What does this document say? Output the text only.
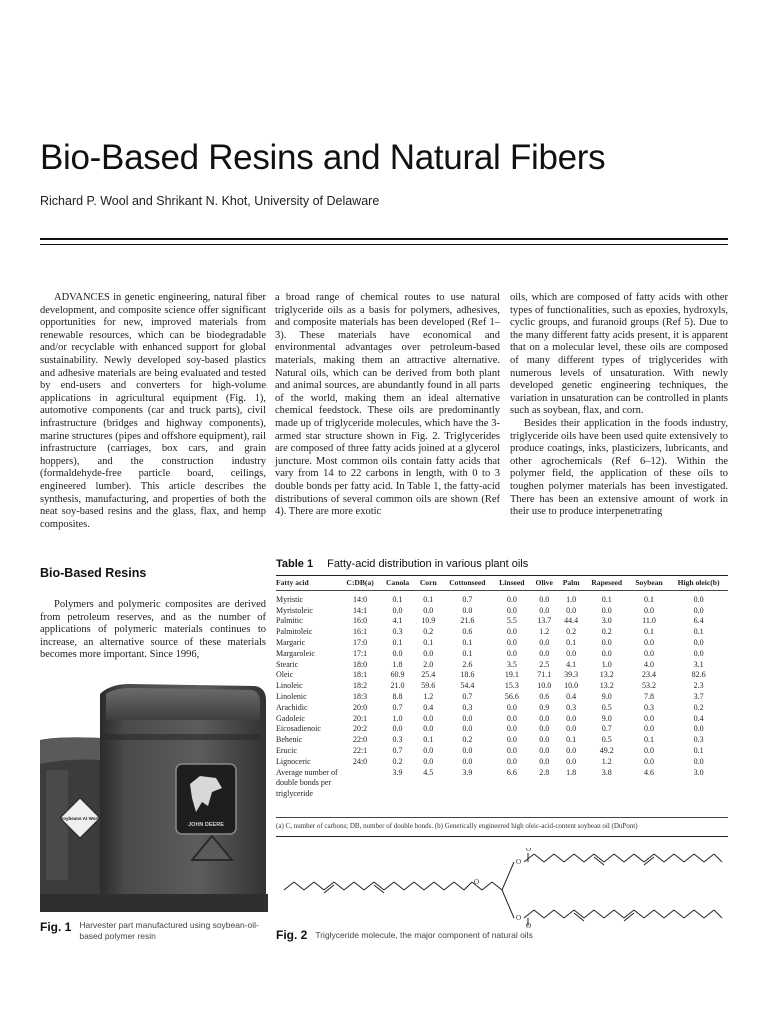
Bio-Based Resins and Natural Fibers
Richard P. Wool and Shrikant N. Khot, University of Delaware

ADVANCES in genetic engineering, natural fiber development, and composite science offer significant opportunities for new, improved materials from renewable resources, which can be biodegradable and/or recyclable with enhanced support for global sustainability. Newly developed soy-based plastics and adhesive materials are being evaluated and tested by end-users and converters for high-volume applications in agricultural equipment (Fig. 1), automotive components (car and truck parts), civil infrastructure (bridges and highway components), marine structures (pipes and offshore equipment), rail infrastructure (carriages, box cars, and grain hoppers), and the construction industry (formaldehyde-free particle board, ceilings, engineered lumber). This article describes the synthesis, manufacturing, and properties of both the neat soy-based resins and the glass, flax, and hemp composites.

Bio-Based Resins

Polymers and polymeric composites are derived from petroleum reserves, and as the number of applications of polymeric materials continues to increase, an alternative source of these materials becomes more important. Since 1996,

a broad range of chemical routes to use natural triglyceride oils as a basis for polymers, adhesives, and composite materials has been developed (Ref 1–3). These materials have economical and environmental advantages over petroleum-based materials, making them an attractive alternative. Natural oils, which can be derived from both plant and animal sources, are abundantly found in all parts of the world, making them an ideal alternative chemical feedstock. These oils are predominantly made up of triglyceride molecules, which have the 3-armed star structure shown in Fig. 2. Triglycerides are composed of three fatty acids joined at a glycerol juncture. Most common oils contain fatty acids that vary from 14 to 22 carbons in length, with 0 to 3 double bonds per fatty acid. In Table 1, the fatty-acid distributions of several common oils are shown (Ref 4). There are more exotic

oils, which are composed of fatty acids with other types of functionalities, such as epoxies, hydroxyls, cyclic groups, and furanoid groups (Ref 5). Due to the many different fatty acids present, it is apparent that on a molecular level, these oils are composed of many different types of triglycerides with numerous levels of unsaturation. With newly developed genetic engineering techniques, the variation in unsaturation can be controlled in plants such as soybean, flax, and corn.

Besides their application in the foods industry, triglyceride oils have been used quite extensively to produce coatings, inks, plasticizers, lubricants, and other agrochemicals (Ref 6–12). Within the polymer field, the application of these oils to toughen polymer materials has been investigated. There has been an extensive amount of work in their use to produce interpenetrating

Table 1 Fatty-acid distribution in various plant oils
Fatty acid	C:DB(a)	Canola	Corn	Cottonseed	Linseed	Olive	Palm	Rapeseed	Soybean	High oleic(b)
Myristic	14:0	0.1	0.1	0.7	0.0	0.0	1.0	0.1	0.1	0.0
Myristoleic	14:1	0.0	0.0	0.0	0.0	0.0	0.0	0.0	0.0	0.0
Palmitic	16:0	4.1	10.9	21.6	5.5	13.7	44.4	3.0	11.0	6.4
Palmitoleic	16:1	0.3	0.2	0.6	0.0	1.2	0.2	0.2	0.1	0.1
Margaric	17:0	0.1	0.1	0.1	0.0	0.0	0.1	0.0	0.0	0.0
Margaroleic	17:1	0.0	0.0	0.1	0.0	0.0	0.0	0.0	0.0	0.0
Stearic	18:0	1.8	2.0	2.6	3.5	2.5	4.1	1.0	4.0	3.1
Oleic	18:1	60.9	25.4	18.6	19.1	71.1	39.3	13.2	23.4	82.6
Linoleic	18:2	21.0	59.6	54.4	15.3	10.0	10.0	13.2	53.2	2.3
Linolenic	18:3	8.8	1.2	0.7	56.6	0.6	0.4	9.0	7.8	3.7
Arachidic	20:0	0.7	0.4	0.3	0.0	0.9	0.3	0.5	0.3	0.2
Gadoleic	20:1	1.0	0.0	0.0	0.0	0.0	0.0	9.0	0.0	0.4
Eicosadienoic	20:2	0.0	0.0	0.0	0.0	0.0	0.0	0.7	0.0	0.0
Behenic	22:0	0.3	0.1	0.2	0.0	0.0	0.1	0.5	0.1	0.3
Erucic	22:1	0.7	0.0	0.0	0.0	0.0	0.0	49.2	0.0	0.1
Lignoceric	24:0	0.2	0.0	0.0	0.0	0.0	0.0	1.2	0.0	0.0
Average number of double bonds per triglyceride		3.9	4.5	3.9	6.6	2.8	1.8	3.8	4.6	3.0
(a) C, number of carbons; DB, number of double bonds. (b) Genetically engineered high oleic-acid-content soybean oil (DuPont)
JOHN DEERE
Soybeans At Work
Fig. 1 Harvester part manufactured using soybean-oil-based polymer resin
O
O
O
O
O
Fig. 2 Triglyceride molecule, the major component of natural oils
